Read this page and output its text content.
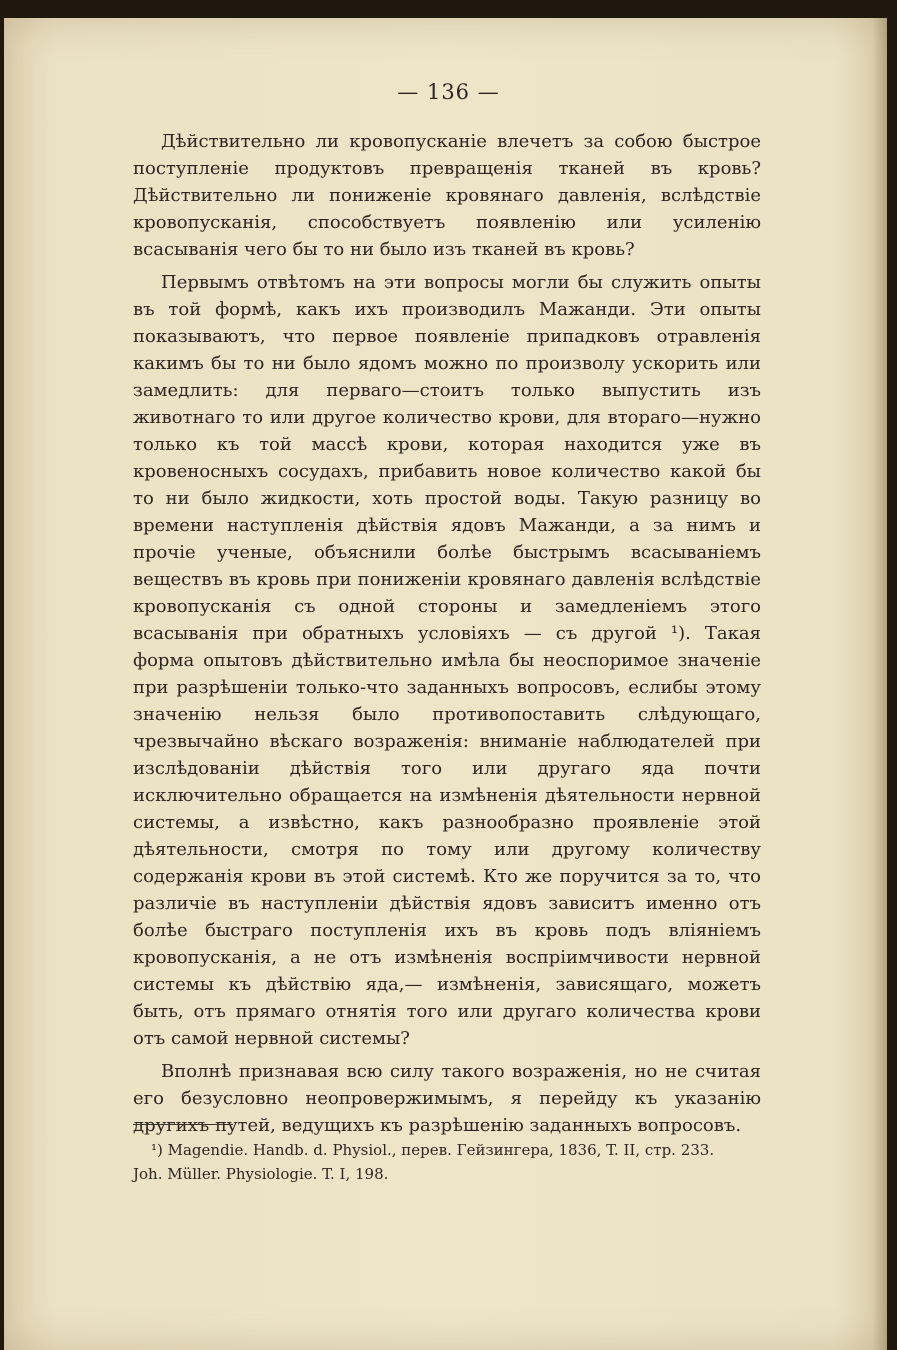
— 136 —

Дѣйствительно ли кровопусканіе влечетъ за собою быстрое поступленіе продуктовъ превращенія тканей въ кровь? Дѣйствительно ли пониженіе кровянаго давленія, вслѣдствіе кровопусканія, способствуетъ появленію или усиленію всасыванія чего бы то ни было изъ тканей въ кровь?

Первымъ отвѣтомъ на эти вопросы могли бы служить опыты въ той формѣ, какъ ихъ производилъ Мажанди. Эти опыты показываютъ, что первое появленіе припадковъ отравленія какимъ бы то ни было ядомъ можно по произволу ускорить или замедлить: для перваго—стоитъ только выпустить изъ животнаго то или другое количество крови, для втораго—нужно только къ той массѣ крови, которая находится уже въ кровеносныхъ сосудахъ, прибавить новое количество какой бы то ни было жидкости, хоть простой воды. Такую разницу во времени наступленія дѣйствія ядовъ Мажанди, а за нимъ и прочіе ученые, объяснили болѣе быстрымъ всасываніемъ веществъ въ кровь при пониженіи кровянаго давленія вслѣдствіе кровопусканія съ одной стороны и замедленіемъ этого всасыванія при обратныхъ условіяхъ — съ другой ¹). Такая форма опытовъ дѣйствительно имѣла бы неоспоримое значеніе при разрѣшеніи только-что заданныхъ вопросовъ, еслибы этому значенію нельзя было противопоставить слѣдующаго, чрезвычайно вѣскаго возраженія: вниманіе наблюдателей при изслѣдованіи дѣйствія того или другаго яда почти исключительно обращается на измѣненія дѣятельности нервной системы, а извѣстно, какъ разнообразно проявленіе этой дѣятельности, смотря по тому или другому количеству содержанія крови въ этой системѣ. Кто же поручится за то, что различіе въ наступленіи дѣйствія ядовъ зависитъ именно отъ болѣе быстраго поступленія ихъ въ кровь подъ вліяніемъ кровопусканія, а не отъ измѣненія воспріимчивости нервной системы къ дѣйствію яда,— измѣненія, зависящаго, можетъ быть, отъ прямаго отнятія того или другаго количества крови отъ самой нервной системы?

Вполнѣ признавая всю силу такого возраженія, но не считая его безусловно неопровержимымъ, я перейду къ указанію другихъ путей, ведущихъ къ разрѣшенію заданныхъ вопросовъ.

¹) Magendie. Handb. d. Physiol., перев. Гейзингера, 1836, T. II, стр. 233.

Joh. Müller. Physiologie. T. I, 198.
